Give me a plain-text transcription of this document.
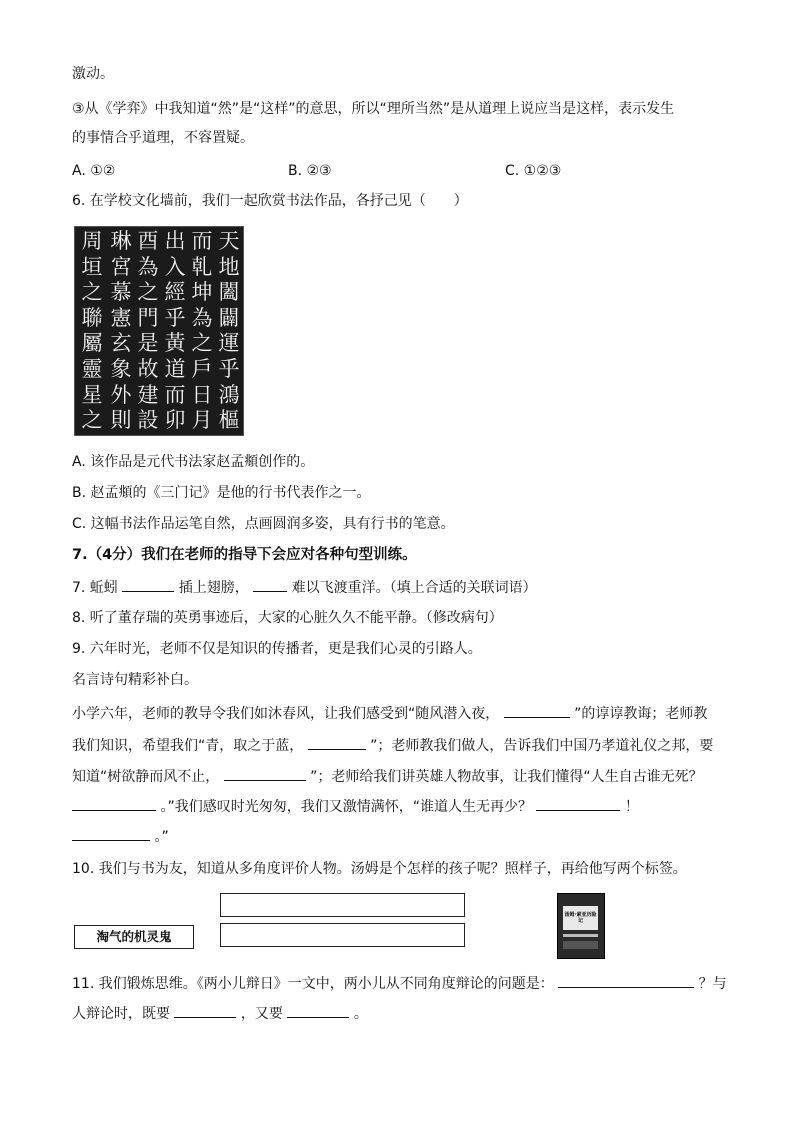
激动。
③从《学弈》中我知道“然”是“这样”的意思，所以“理所当然”是从道理上说应当是这样，表示发生
的事情合乎道理，不容置疑。
A. ①②	B. ②③	C. ①②③
6. 在学校文化墙前，我们一起欣赏书法作品，各抒己见（　　）
天地闔闢運乎鴻樞
而乹坤為之戶日月
出入經乎黃道而卯
酉為之門是故建設
琳宮慕憲玄象外則
周垣之聯屬靈星之
A. 该作品是元代书法家赵孟頫创作的。
B. 赵孟頫的《三门记》是他的行书代表作之一。
C. 这幅书法作品运笔自然，点画圆润多姿，具有行书的笔意。
7.（4分）我们在老师的指导下会应对各种句型训练。
7. 蚯蚓	插上翅膀，	难以飞渡重洋。（填上合适的关联词语）
8. 听了董存瑞的英勇事迹后，大家的心脏久久不能平静。（修改病句）
9. 六年时光，老师不仅是知识的传播者，更是我们心灵的引路人。
名言诗句精彩补白。
小学六年，老师的教导令我们如沐春风，让我们感受到“随风潜入夜，	”的谆谆教诲；老师教
我们知识，希望我们“青，取之于蓝，	”；老师教我们做人，告诉我们中国乃孝道礼仪之邦，要
知道“树欲静而风不止，	”；老师给我们讲英雄人物故事，让我们懂得“人生自古谁无死？
。”我们感叹时光匆匆，我们又激情满怀，“谁道人生无再少？	！
。”
10. 我们与书为友，知道从多角度评价人物。汤姆是个怎样的孩子呢？照样子，再给他写两个标签。
淘气的机灵鬼
汤姆·索亚历险记
11. 我们锻炼思维。《两小儿辩日》一文中，两小儿从不同角度辩论的问题是：	？与
人辩论时，既要	，又要	。
